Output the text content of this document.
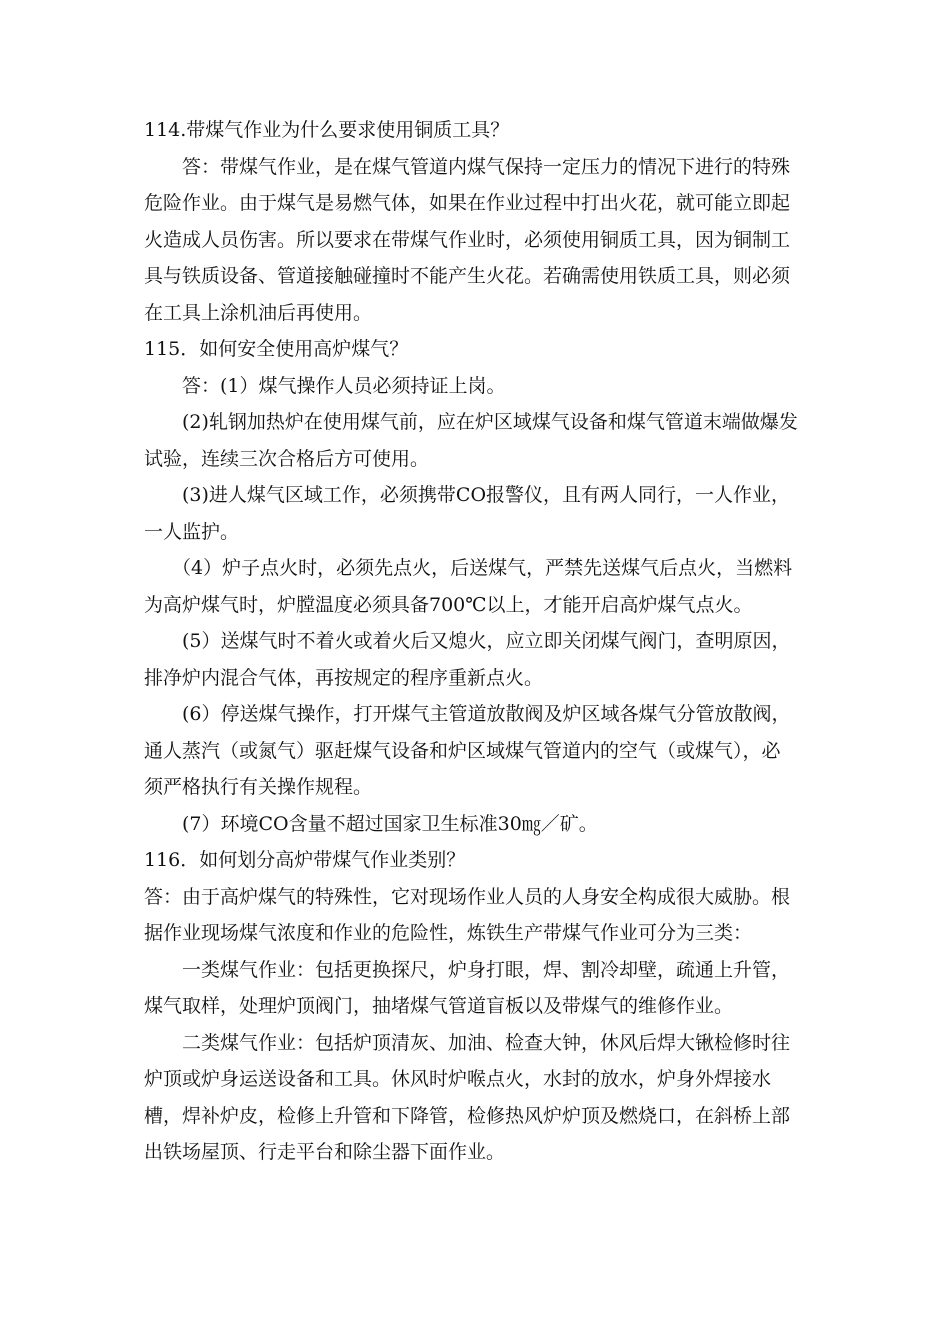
114.带煤气作业为什么要求使用铜质工具？
答：带煤气作业，是在煤气管道内煤气保持一定压力的情况下进行的特殊
危险作业。由于煤气是易燃气体，如果在作业过程中打出火花，就可能立即起
火造成人员伤害。所以要求在带煤气作业时，必须使用铜质工具，因为铜制工
具与铁质设备、管道接触碰撞时不能产生火花。若确需使用铁质工具，则必须
在工具上涂机油后再使用。
115．如何安全使用高炉煤气？
答：(1）煤气操作人员必须持证上岗。
(2)轧钢加热炉在使用煤气前，应在炉区域煤气设备和煤气管道末端做爆发
试验，连续三次合格后方可使用。
(3)进人煤气区域工作，必须携带CO报警仪，且有两人同行，一人作业，
一人监护。
（4）炉子点火时，必须先点火，后送煤气，严禁先送煤气后点火，当燃料
为高炉煤气时，炉膛温度必须具备700℃以上，才能开启高炉煤气点火。
(5）送煤气时不着火或着火后又熄火，应立即关闭煤气阀门，查明原因，
排净炉内混合气体，再按规定的程序重新点火。
(6）停送煤气操作，打开煤气主管道放散阀及炉区域各煤气分管放散阀，
通人蒸汽（或氮气）驱赶煤气设备和炉区域煤气管道内的空气（或煤气），必
须严格执行有关操作规程。
(7）环境CO含量不超过国家卫生标准30㎎／矿。
116．如何划分高炉带煤气作业类别？
答：由于高炉煤气的特殊性，它对现场作业人员的人身安全构成很大威胁。根
据作业现场煤气浓度和作业的危险性，炼铁生产带煤气作业可分为三类：
一类煤气作业：包括更换探尺，炉身打眼，焊、割冷却壁，疏通上升管，
煤气取样，处理炉顶阀门，抽堵煤气管道盲板以及带煤气的维修作业。
二类煤气作业：包括炉顶清灰、加油、检查大钟，休风后焊大锹检修时往
炉顶或炉身运送设备和工具。休风时炉喉点火，水封的放水，炉身外焊接水
槽，焊补炉皮，检修上升管和下降管，检修热风炉炉顶及燃烧口，在斜桥上部
出铁场屋顶、行走平台和除尘器下面作业。
